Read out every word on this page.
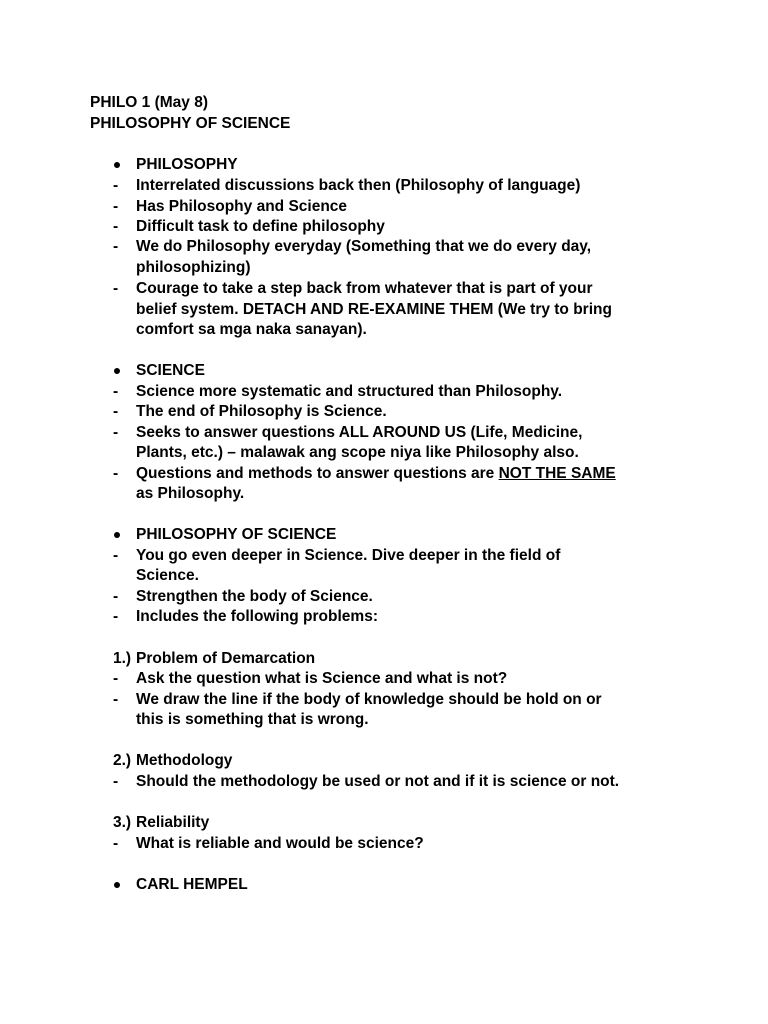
PHILO 1 (May 8)
PHILOSOPHY OF SCIENCE
PHILOSOPHY
- Interrelated discussions back then (Philosophy of language)
- Has Philosophy and Science
- Difficult task to define philosophy
- We do Philosophy everyday (Something that we do every day,
philosophizing)
- Courage to take a step back from whatever that is part of your
belief system. DETACH AND RE-EXAMINE THEM (We try to bring
comfort sa mga naka sanayan).
SCIENCE
- Science more systematic and structured than Philosophy.
- The end of Philosophy is Science.
- Seeks to answer questions ALL AROUND US (Life, Medicine,
Plants, etc.) – malawak ang scope niya like Philosophy also.
- Questions and methods to answer questions are NOT THE SAME
as Philosophy.
PHILOSOPHY OF SCIENCE
- You go even deeper in Science. Dive deeper in the field of
Science.
- Strengthen the body of Science.
- Includes the following problems:
1.) Problem of Demarcation
- Ask the question what is Science and what is not?
- We draw the line if the body of knowledge should be hold on or
this is something that is wrong.
2.) Methodology
- Should the methodology be used or not and if it is science or not.
3.) Reliability
- What is reliable and would be science?
CARL HEMPEL
